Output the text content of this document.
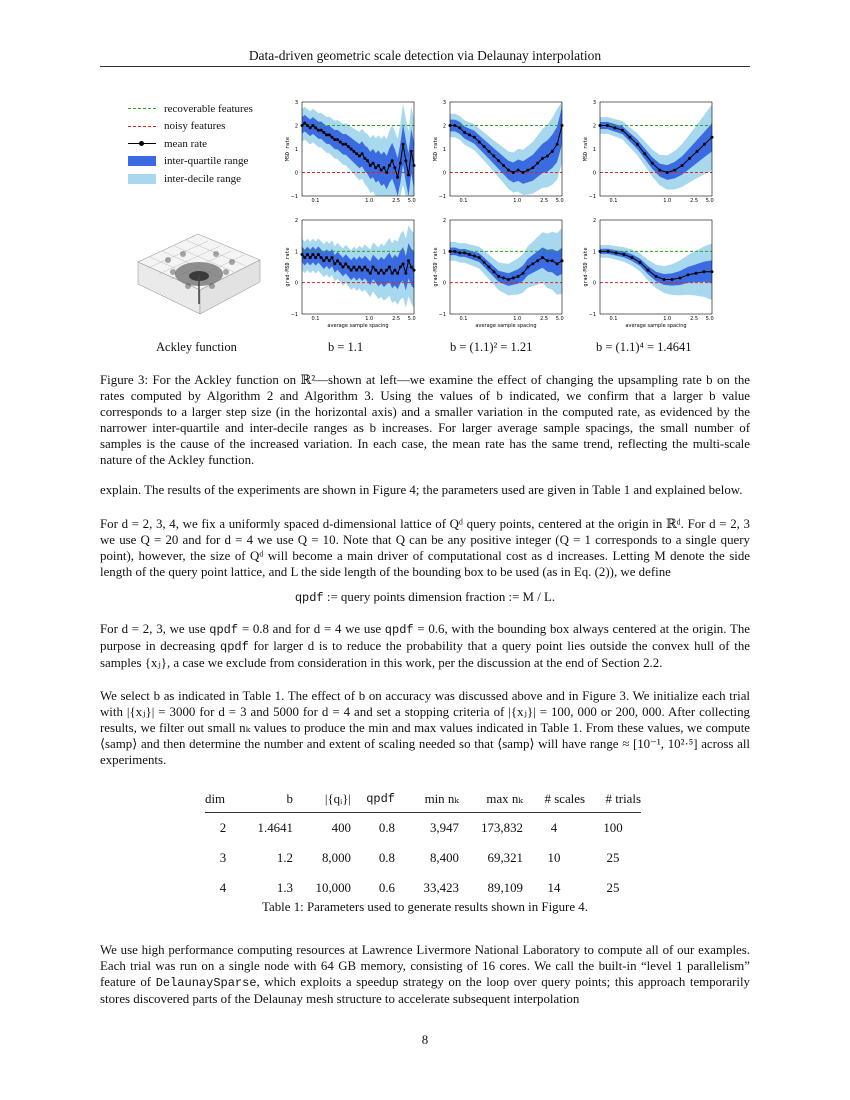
Data-driven geometric scale detection via Delaunay interpolation
recoverable features
noisy features
mean rate
inter-quartile range
inter-decile range
3
2
1
0
−1
0.1	1.0	2.5 5.0
MSD rate
3
2
1
0
−1
0.1	1.0	2.5 5.0
MSD rate
3
2
1
0
−1
0.1	1.0	2.5 5.0
MSD rate
2
1
0
−1
0.1	1.0	2.5 5.0
grad-MSD rate
average sample spacing
2
1
0
−1
0.1	1.0	2.5 5.0
grad-MSD rate
average sample spacing
2
1
0
−1
0.1	1.0	2.5 5.0
grad-MSD rate
average sample spacing
Ackley function	b = 1.1	b = (1.1)² = 1.21	b = (1.1)⁴ = 1.4641
Figure 3: For the Ackley function on ℝ²—shown at left—we examine the effect of changing the upsampling rate b on the rates computed by Algorithm 2 and Algorithm 3. Using the values of b indicated, we confirm that a larger b value corresponds to a larger step size (in the horizontal axis) and a smaller variation in the computed rate, as evidenced by the narrower inter-quartile and inter-decile ranges as b increases. For larger average sample spacings, the small number of samples is the cause of the increased variation. In each case, the mean rate has the same trend, reflecting the multi-scale nature of the Ackley function.
explain. The results of the experiments are shown in Figure 4; the parameters used are given in Table 1 and explained below.
For d = 2, 3, 4, we fix a uniformly spaced d-dimensional lattice of Qᵈ query points, centered at the origin in ℝᵈ. For d = 2, 3 we use Q = 20 and for d = 4 we use Q = 10. Note that Q can be any positive integer (Q = 1 corresponds to a single query point), however, the size of Qᵈ will become a main driver of computational cost as d increases. Letting M denote the side length of the query point lattice, and L the side length of the bounding box to be used (as in Eq. (2)), we define
qpdf := query points dimension fraction := M / L.
For d = 2, 3, we use qpdf = 0.8 and for d = 4 we use qpdf = 0.6, with the bounding box always centered at the origin. The purpose in decreasing qpdf for larger d is to reduce the probability that a query point lies outside the convex hull of the samples {xⱼ}, a case we exclude from consideration in this work, per the discussion at the end of Section 2.2.
We select b as indicated in Table 1. The effect of b on accuracy was discussed above and in Figure 3. We initialize each trial with |{xⱼ}| = 3000 for d = 3 and 5000 for d = 4 and set a stopping criteria of |{xⱼ}| = 100, 000 or 200, 000. After collecting results, we filter out small nₖ values to produce the min and max values indicated in Table 1. From these values, we compute ⟨samp⟩ and then determine the number and extent of scaling needed so that ⟨samp⟩ will have range ≈ [10⁻¹, 10²·⁵] across all experiments.
dim	b	|{qᵢ}|	qpdf	min nₖ	max nₖ	# scales	# trials
2	1.4641	400	0.8	3,947	173,832	4	100
3	1.2	8,000	0.8	8,400	69,321	10	25
4	1.3	10,000	0.6	33,423	89,109	14	25
Table 1: Parameters used to generate results shown in Figure 4.
We use high performance computing resources at Lawrence Livermore National Laboratory to compute all of our examples. Each trial was run on a single node with 64 GB memory, consisting of 16 cores. We call the built-in “level 1 parallelism” feature of DelaunaySparse, which exploits a speedup strategy on the loop over query points; this approach temporarily stores discovered parts of the Delaunay mesh structure to accelerate subsequent interpolation
8
